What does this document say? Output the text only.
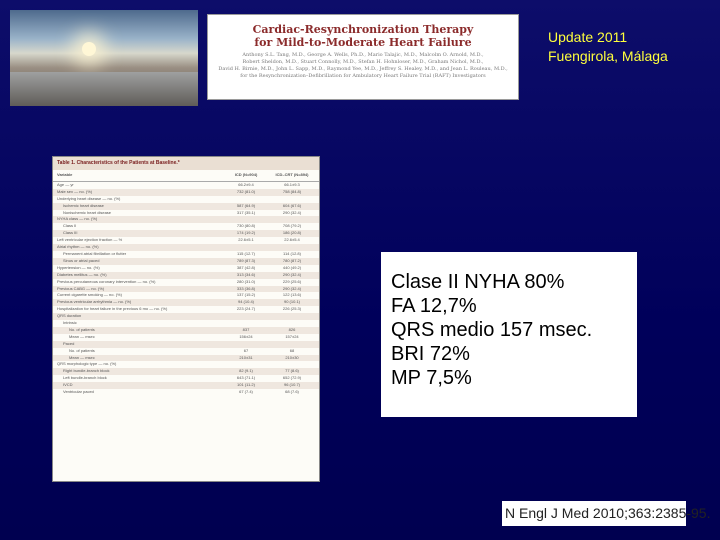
Cardiac-Resynchronization Therapy
for Mild-to-Moderate Heart Failure

Anthony S.L. Tang, M.D., George A. Wells, Ph.D., Mario Talajic, M.D., Malcolm O. Arnold, M.D.,
Robert Sheldon, M.D., Stuart Connolly, M.D., Stefan H. Hohnloser, M.D., Graham Nichol, M.D.,
David H. Birnie, M.D., John L. Sapp, M.D., Raymond Yee, M.D., Jeffrey S. Healey, M.D., and Jean L. Rouleau, M.D.,
for the Resynchronization–Defibrillation for Ambulatory Heart Failure Trial (RAFT) Investigators

Update 2011
Fuengirola, Málaga
Table 1. Characteristics of the Patients at Baseline.*
Variable	ICD (N=904)	ICD–CRT (N=894)
Age — yr	66.2±9.4	66.1±9.3
Male sex — no. (%)	732 (81.0)	758 (84.8)
Underlying heart disease — no. (%)
Ischemic heart disease	587 (64.9)	604 (67.6)
Nonischemic heart disease	317 (35.1)	290 (32.4)
NYHA class — no. (%)
Class II	730 (80.8)	708 (79.2)
Class III	174 (19.2)	186 (20.8)
Left ventricular ejection fraction — %	22.6±5.1	22.6±5.4
Atrial rhythm — no. (%)
Permanent atrial fibrillation or flutter	115 (12.7)	114 (12.8)
Sinus or atrial paced	789 (87.3)	780 (87.2)
Hypertension — no. (%)	387 (42.8)	440 (49.2)
Diabetes mellitus — no. (%)	313 (34.6)	290 (32.4)
Previous percutaneous coronary intervention — no. (%)	280 (31.0)	229 (25.6)
Previous CABG — no. (%)	333 (36.8)	290 (32.4)
Current cigarette smoking — no. (%)	137 (15.2)	122 (13.6)
Previous ventricular arrhythmia — no. (%)	94 (10.4)	90 (10.1)
Hospitalization for heart failure in the previous 6 mo — no. (%)	223 (24.7)	226 (25.3)
QRS duration
Intrinsic
No. of patients	837	826
Mean — msec	156±24	157±24
Paced
No. of patients	67	68
Mean — msec	210±31	210±30
QRS morphologic type — no. (%)
Right bundle-branch block	82 (9.1)	77 (8.6)
Left bundle-branch block	643 (71.1)	652 (72.9)
IVCD	101 (11.2)	96 (10.7)
Ventricular paced	67 (7.4)	68 (7.6)
Clase II NYHA 80%
FA 12,7%
QRS medio 157 msec.
BRI 72%
MP 7,5%
N Engl J Med 2010;363:2385-95.
